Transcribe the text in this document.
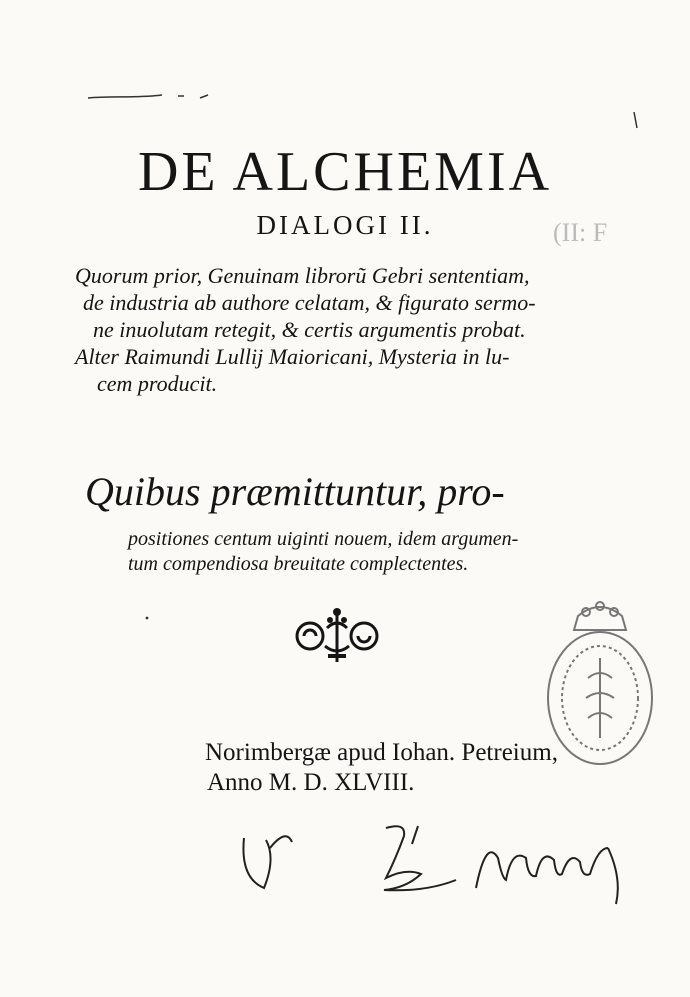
(II: F
DE ALCHEMIA
DIALOGI II.
Quorum prior, Genuinam librorũ Gebri sententiam,
de industria ab authore celatam, & figurato sermo-
ne inuolutam retegit, & certis argumentis probat.
Alter Raimundi Lullij Maioricani, Mysteria in lu-
cem producit.
Quibus præmittuntur, pro-
positiones centum uiginti nouem, idem argumen-
tum compendiosa breuitate complectentes.
Norimbergæ apud Iohan. Petreium,
Anno M. D. XLVIII.
